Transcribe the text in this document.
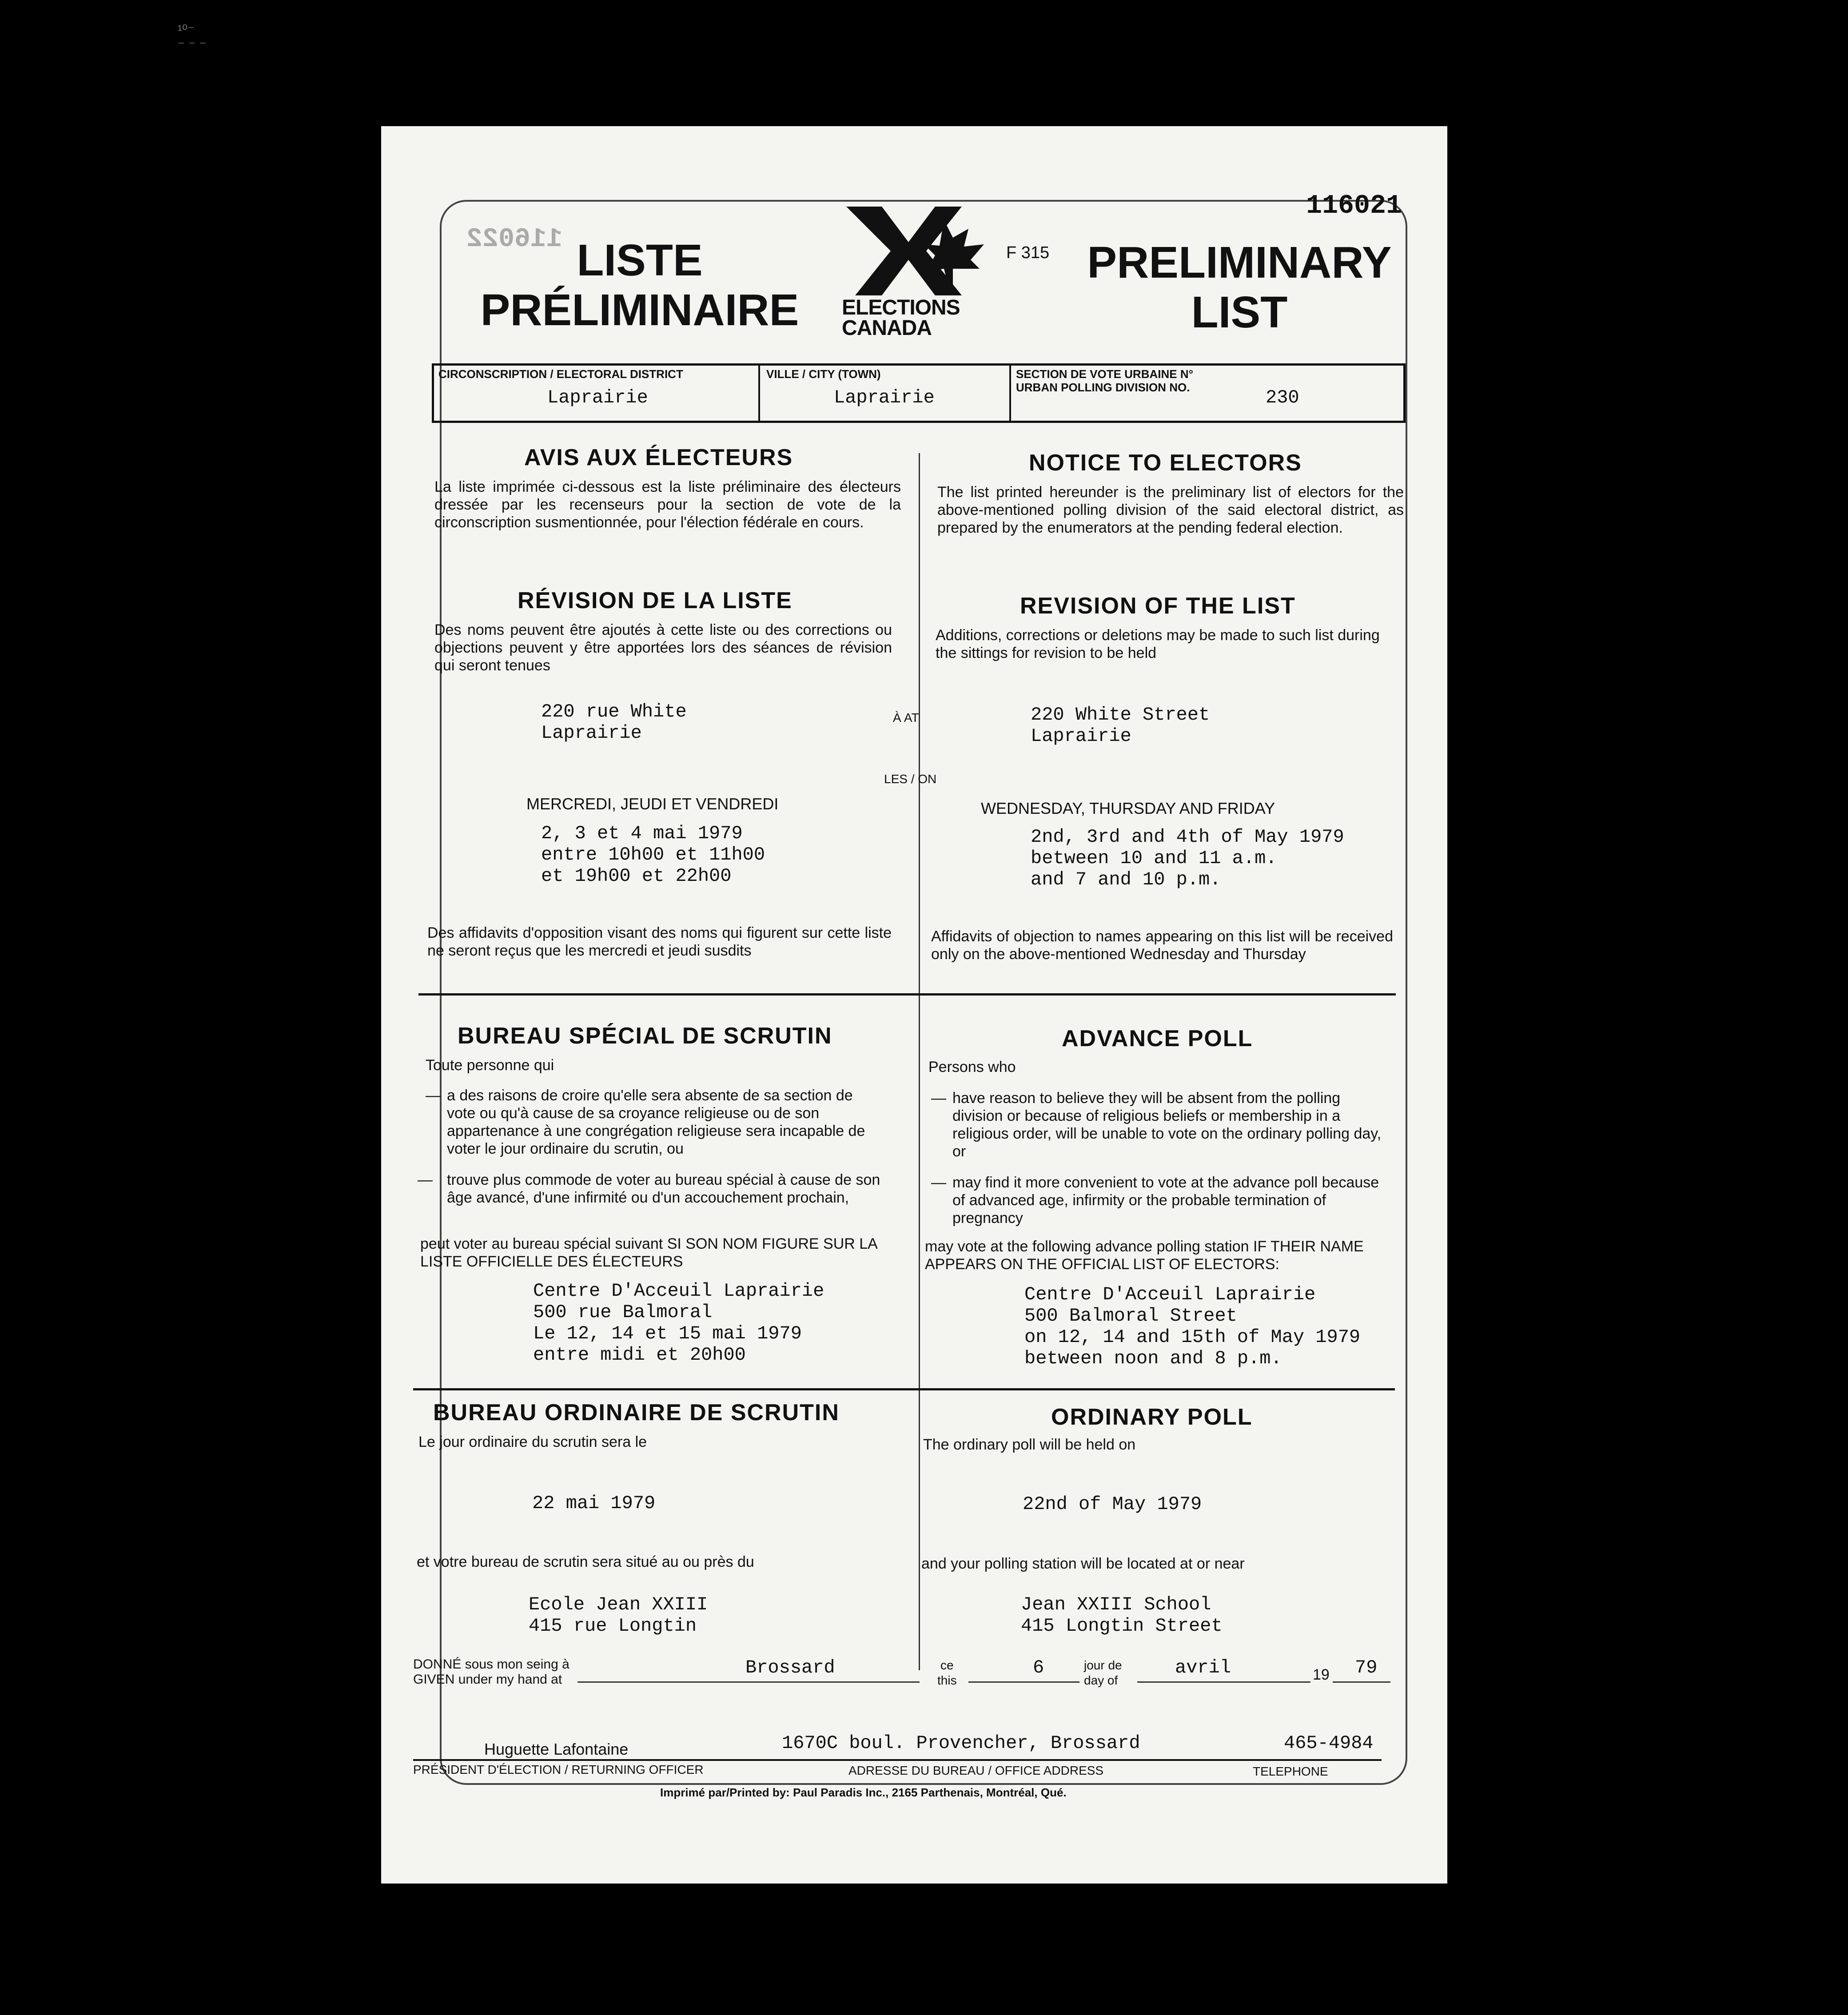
¹⁰⁻
⁻ ⁻ ⁻
116021
116022 LISTE
PRÉLIMINAIRE	ELECTIONS
CANADA
F 315 PRELIMINARY
LIST
CIRCONSCRIPTION / ELECTORAL DISTRICT
Laprairie
VILLE / CITY (TOWN)
Laprairie
SECTION DE VOTE URBAINE N°
URBAN POLLING DIVISION NO.	230
AVIS AUX ÉLECTEURS
La liste imprimée ci-dessous est la liste préliminaire des électeurs dressée par les recenseurs pour la section de vote de la circonscription susmentionnée, pour l'élection fédérale en cours.
NOTICE TO ELECTORS
The list printed hereunder is the preliminary list of electors for the above-mentioned polling division of the said electoral district, as prepared by the enumerators at the pending federal election.
RÉVISION DE LA LISTE
Des noms peuvent être ajoutés à cette liste ou des corrections ou objections peuvent y être apportées lors des séances de révision qui seront tenues
REVISION OF THE LIST
Additions, corrections or deletions may be made to such list during the sittings for revision to be held
220 rue White
Laprairie
À AT	220 White Street
Laprairie
LES / ON
MERCREDI, JEUDI ET VENDREDI	WEDNESDAY, THURSDAY AND FRIDAY
2, 3 et 4 mai 1979
entre 10h00 et 11h00
et 19h00 et 22h00
2nd, 3rd and 4th of May 1979
between 10 and 11 a.m.
and 7 and 10 p.m.
Des affidavits d'opposition visant des noms qui figurent sur cette liste ne seront reçus que les mercredi et jeudi susdits
Affidavits of objection to names appearing on this list will be received only on the above-mentioned Wednesday and Thursday
BUREAU SPÉCIAL DE SCRUTIN
Toute personne qui
— a des raisons de croire qu'elle sera absente de sa section de vote ou qu'à cause de sa croyance religieuse ou de son appartenance à une congrégation religieuse sera incapable de voter le jour ordinaire du scrutin, ou
— trouve plus commode de voter au bureau spécial à cause de son âge avancé, d'une infirmité ou d'un accouchement prochain,
peut voter au bureau spécial suivant SI SON NOM FIGURE SUR LA LISTE OFFICIELLE DES ÉLECTEURS
Centre D'Acceuil Laprairie
500 rue Balmoral
Le 12, 14 et 15 mai 1979
entre midi et 20h00
ADVANCE POLL
Persons who
— have reason to believe they will be absent from the polling division or because of religious beliefs or membership in a religious order, will be unable to vote on the ordinary polling day, or
— may find it more convenient to vote at the advance poll because of advanced age, infirmity or the probable termination of pregnancy
may vote at the following advance polling station IF THEIR NAME APPEARS ON THE OFFICIAL LIST OF ELECTORS:
Centre D'Acceuil Laprairie
500 Balmoral Street
on 12, 14 and 15th of May 1979
between noon and 8 p.m.
BUREAU ORDINAIRE DE SCRUTIN
Le jour ordinaire du scrutin sera le
22 mai 1979
et votre bureau de scrutin sera situé au ou près du
Ecole Jean XXIII
415 rue Longtin
ORDINARY POLL
The ordinary poll will be held on
22nd of May 1979
and your polling station will be located at or near
Jean XXIII School
415 Longtin Street
DONNÉ sous mon seing à
GIVEN under my hand at
Brossard	ce
this
6	jour de
day of
avril	19 79
Huguette Lafontaine	1670C boul. Provencher, Brossard	465-4984
PRÉSIDENT D'ÉLECTION / RETURNING OFFICER	ADRESSE DU BUREAU / OFFICE ADDRESS	TELEPHONE
Imprimé par/Printed by: Paul Paradis Inc., 2165 Parthenais, Montréal, Qué.
